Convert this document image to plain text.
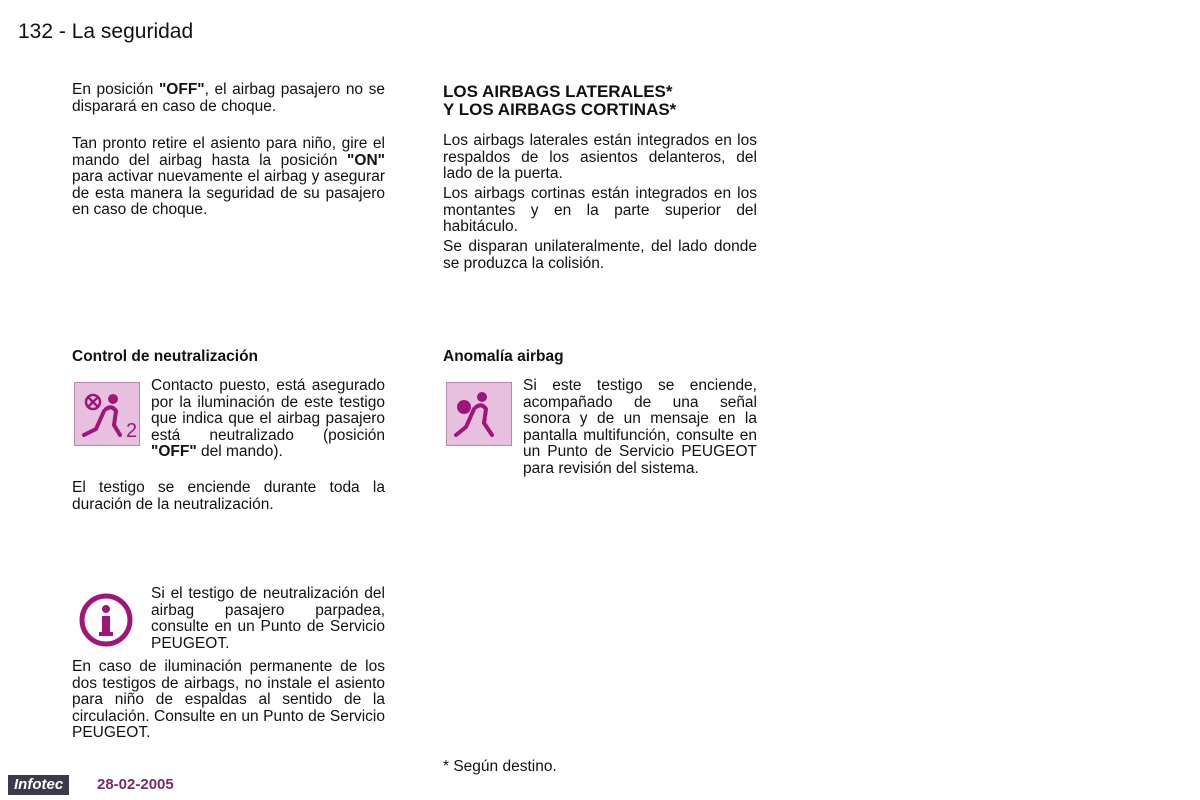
132 - La seguridad

En posición "OFF", el airbag pasajero no se disparará en caso de choque.

Tan pronto retire el asiento para niño, gire el mando del airbag hasta la posición "ON" para activar nuevamente el airbag y asegurar de esta manera la seguridad de su pasajero en caso de choque.

Control de neutralización
2

Contacto puesto, está asegurado por la iluminación de este testigo que indica que el airbag pasajero está neutralizado (posición "OFF" del mando).

El testigo se enciende durante toda la duración de la neutralización.

Si el testigo de neutralización del airbag pasajero parpadea, consulte en un Punto de Servicio PEUGEOT.

En caso de iluminación permanente de los dos testigos de airbags, no instale el asiento para niño de espaldas al sentido de la circulación. Consulte en un Punto de Servicio PEUGEOT.

LOS AIRBAGS LATERALES*
Y LOS AIRBAGS CORTINAS*

Los airbags laterales están integrados en los respaldos de los asientos delanteros, del lado de la puerta.

Los airbags cortinas están integrados en los montantes y en la parte superior del habitáculo.

Se disparan unilateralmente, del lado donde se produzca la colisión.

Anomalía airbag

Si este testigo se enciende, acompañado de una señal sonora y de un mensaje en la pantalla multifunción, consulte en un Punto de Servicio PEUGEOT para revisión del sistema.

* Según destino.
Infotec	28-02-2005
